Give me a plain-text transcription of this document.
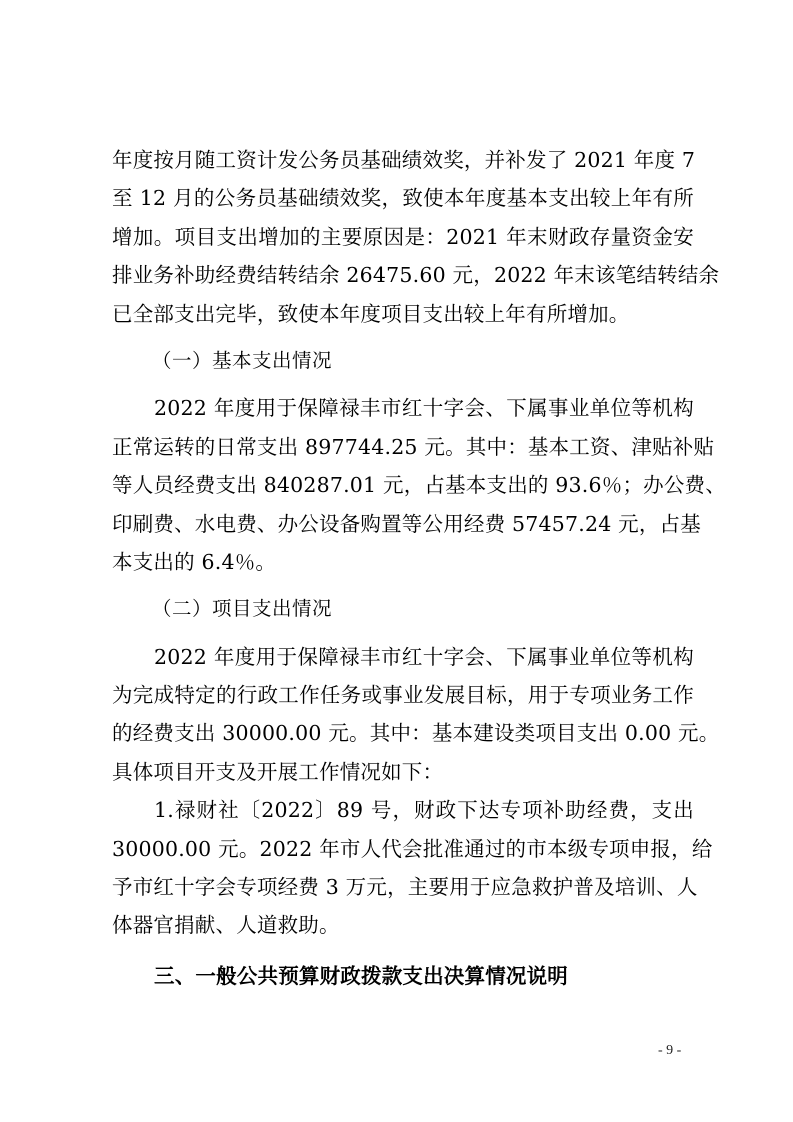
年度按月随工资计发公务员基础绩效奖，并补发了 2021 年度 7
至 12 月的公务员基础绩效奖，致使本年度基本支出较上年有所
增加。项目支出增加的主要原因是：2021 年末财政存量资金安
排业务补助经费结转结余 26475.60 元，2022 年末该笔结转结余
已全部支出完毕，致使本年度项目支出较上年有所增加。
（一）基本支出情况
2022 年度用于保障禄丰市红十字会、下属事业单位等机构
正常运转的日常支出 897744.25 元。其中：基本工资、津贴补贴
等人员经费支出 840287.01 元，占基本支出的 93.6％；办公费、
印刷费、水电费、办公设备购置等公用经费 57457.24 元，占基
本支出的 6.4％。
（二）项目支出情况
2022 年度用于保障禄丰市红十字会、下属事业单位等机构
为完成特定的行政工作任务或事业发展目标，用于专项业务工作
的经费支出 30000.00 元。其中：基本建设类项目支出 0.00 元。
具体项目开支及开展工作情况如下：
1.禄财社〔2022〕89 号，财政下达专项补助经费，支出
30000.00 元。2022 年市人代会批准通过的市本级专项申报，给
予市红十字会专项经费 3 万元，主要用于应急救护普及培训、人
体器官捐献、人道救助。
三、一般公共预算财政拨款支出决算情况说明
- 9 -
